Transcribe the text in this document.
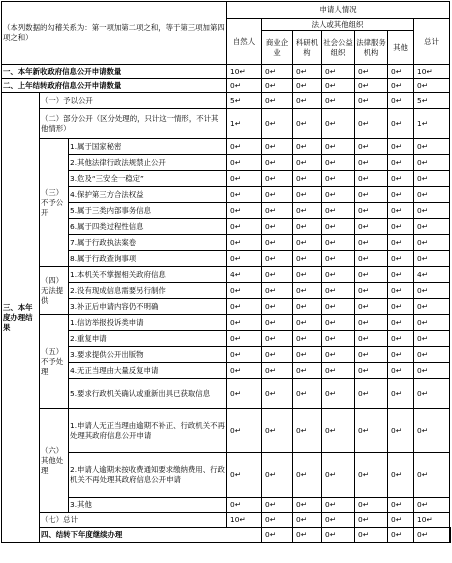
（本列数据的勾稽关系为：第一项加第二项之和，等于第三项加第四项之和）			申请人情况							
			自然人	法人或其他组织					总计	
				商业企业	科研机构	社会公益组织	法律服务机构	其他		
一、本年新收政府信息公开申请数量			10↵	0↵	0↵	0↵	0↵	0↵	10↵	
二、上年结转政府信息公开申请数量			0↵	0↵	0↵	0↵	0↵	0↵	0↵	
三、本年度办理结果	（一）予以公开		5↵	0↵	0↵	0↵	0↵	0↵	5↵	
	（二）部分公开（区分处理的，只计这一情形，不计其他情形）		1↵	0↵	0↵	0↵	0↵	0↵	1↵	
	（三）不予公开	1.属于国家秘密	0↵	0↵	0↵	0↵	0↵	0↵	0↵	
		2.其他法律行政法规禁止公开	0↵	0↵	0↵	0↵	0↵	0↵	0↵	
		3.危及“三安全一稳定”	0↵	0↵	0↵	0↵	0↵	0↵	0↵	
		4.保护第三方合法权益	0↵	0↵	0↵	0↵	0↵	0↵	0↵	
		5.属于三类内部事务信息	0↵	0↵	0↵	0↵	0↵	0↵	0↵	
		6.属于四类过程性信息	0↵	0↵	0↵	0↵	0↵	0↵	0↵	
		7.属于行政执法案卷	0↵	0↵	0↵	0↵	0↵	0↵	0↵	
		8.属于行政查询事项	0↵	0↵	0↵	0↵	0↵	0↵	0↵	
	（四）无法提供	1.本机关不掌握相关政府信息	4↵	0↵	0↵	0↵	0↵	0↵	4↵	
		2.没有现成信息需要另行制作	0↵	0↵	0↵	0↵	0↵	0↵	0↵	
		3.补正后申请内容仍不明确	0↵	0↵	0↵	0↵	0↵	0↵	0↵	
	（五）不予处理	1.信访举报投诉类申请	0↵	0↵	0↵	0↵	0↵	0↵	0↵	
		2.重复申请	0↵	0↵	0↵	0↵	0↵	0↵	0↵	
		3.要求提供公开出版物	0↵	0↵	0↵	0↵	0↵	0↵	0↵	
		4.无正当理由大量反复申请	0↵	0↵	0↵	0↵	0↵	0↵	0↵	
		5.要求行政机关确认或重新出具已获取信息	0↵	0↵	0↵	0↵	0↵	0↵	0↵	
	（六）其他处理	1.申请人无正当理由逾期不补正、行政机关不再处理其政府信息公开申请	0↵	0↵	0↵	0↵	0↵	0↵	0↵	
		2.申请人逾期未按收费通知要求缴纳费用、行政机关不再处理其政府信息公开申请	0↵	0↵	0↵	0↵	0↵	0↵	0↵	
		3.其他	0↵	0↵	0↵	0↵	0↵	0↵	0↵	
	（七）总计		10↵	0↵	0↵	0↵	0↵	0↵	10↵	
	四、结转下年度继续办理			0↵	0↵	0↵	0↵	0↵	0↵	
